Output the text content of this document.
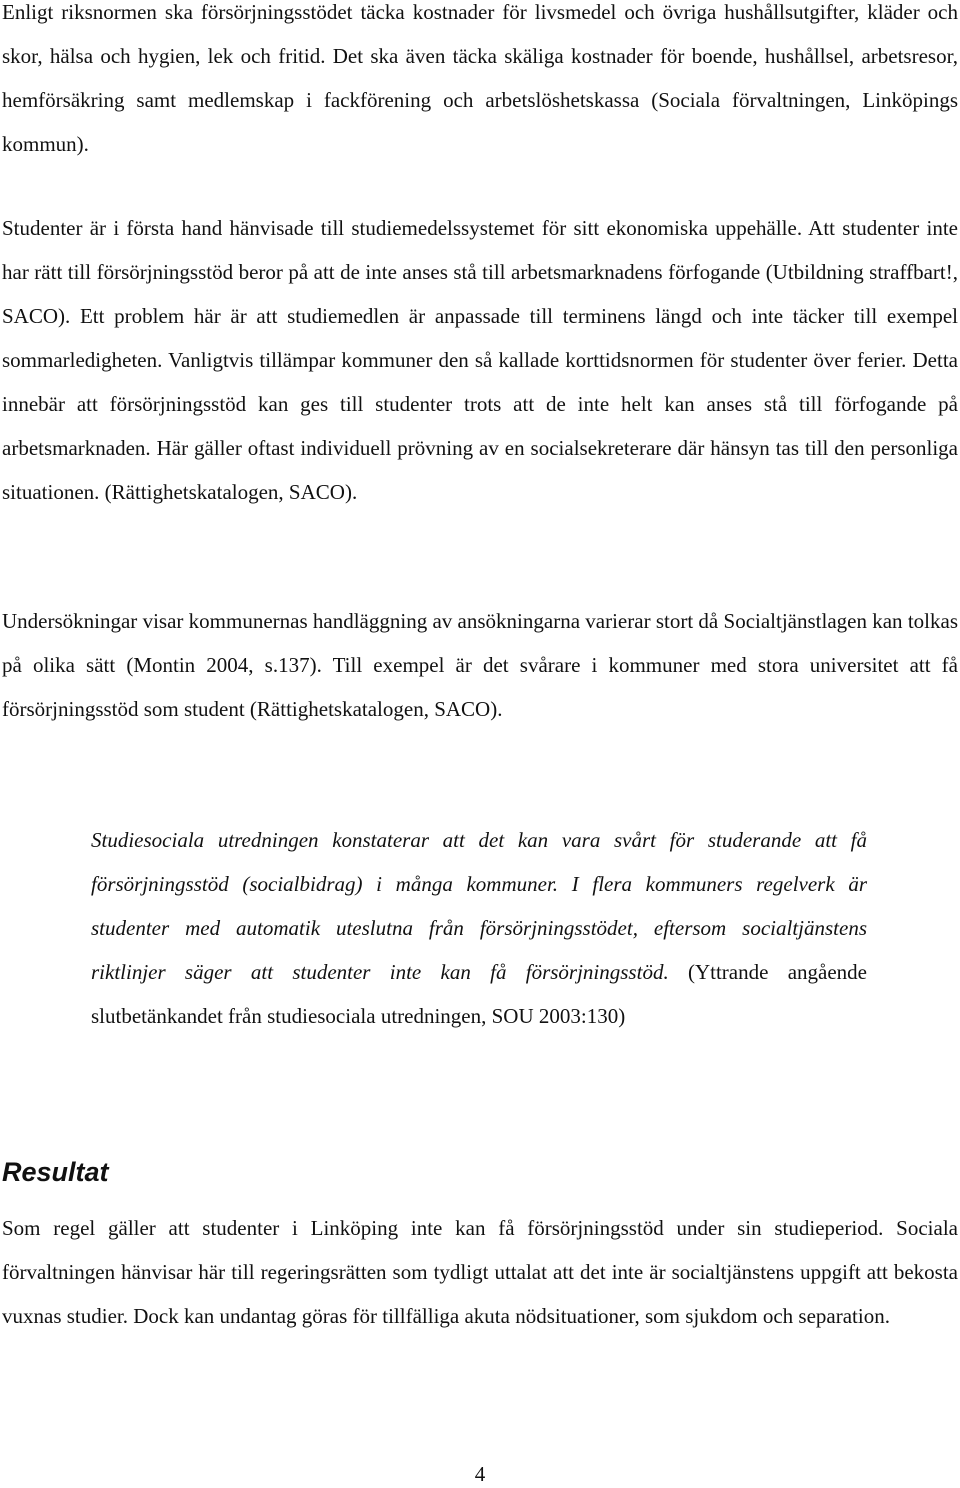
Enligt riksnormen ska försörjningsstödet täcka kostnader för livsmedel och övriga hushållsutgifter, kläder och skor, hälsa och hygien, lek och fritid. Det ska även täcka skäliga kostnader för boende, hushållsel, arbetsresor, hemförsäkring samt medlemskap i fackförening och arbetslöshetskassa (Sociala förvaltningen, Linköpings kommun).

Studenter är i första hand hänvisade till studiemedelssystemet för sitt ekonomiska uppehälle. Att studenter inte har rätt till försörjningsstöd beror på att de inte anses stå till arbetsmarknadens förfogande (Utbildning straffbart!, SACO). Ett problem här är att studiemedlen är anpassade till terminens längd och inte täcker till exempel sommarledigheten. Vanligtvis tillämpar kommuner den så kallade korttidsnormen för studenter över ferier. Detta innebär att försörjningsstöd kan ges till studenter trots att de inte helt kan anses stå till förfogande på arbetsmarknaden. Här gäller oftast individuell prövning av en socialsekreterare där hänsyn tas till den personliga situationen. (Rättighetskatalogen, SACO).

Undersökningar visar kommunernas handläggning av ansökningarna varierar stort då Socialtjänstlagen kan tolkas på olika sätt (Montin 2004, s.137). Till exempel är det svårare i kommuner med stora universitet att få försörjningsstöd som student (Rättighetskatalogen, SACO).

Studiesociala utredningen konstaterar att det kan vara svårt för studerande att få försörjningsstöd (socialbidrag) i många kommuner. I flera kommuners regelverk är studenter med automatik uteslutna från försörjningsstödet, eftersom socialtjänstens riktlinjer säger att studenter inte kan få försörjningsstöd. (Yttrande angående slutbetänkandet från studiesociala utredningen, SOU 2003:130)

Resultat

Som regel gäller att studenter i Linköping inte kan få försörjningsstöd under sin studieperiod. Sociala förvaltningen hänvisar här till regeringsrätten som tydligt uttalat att det inte är socialtjänstens uppgift att bekosta vuxnas studier. Dock kan undantag göras för tillfälliga akuta nödsituationer, som sjukdom och separation.

4
